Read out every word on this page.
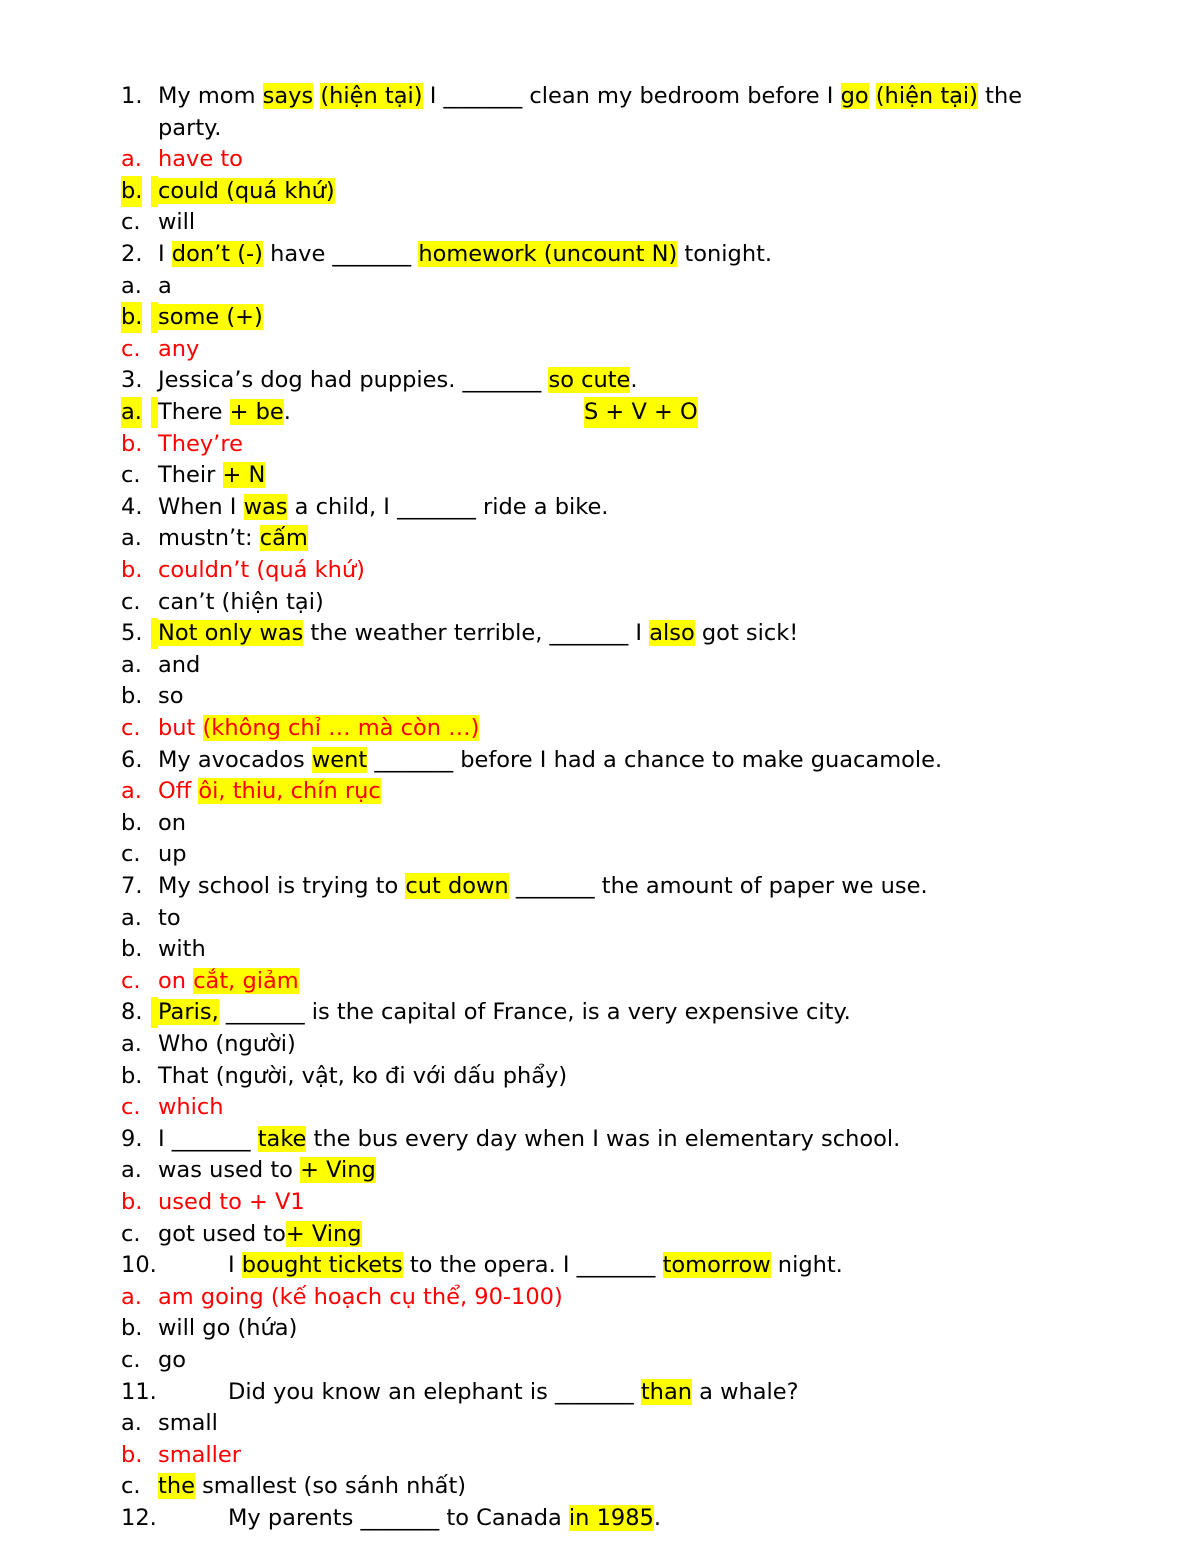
1. My mom says (hiện tại) I _______ clean my bedroom before I go (hiện tại) the
party.
a. have to
b. could (quá khứ)
c. will
2. I don’t (-) have _______ homework (uncount N) tonight.
a. a
b. some (+)
c. any
3. Jessica’s dog had puppies. _______ so cute.
a. There + be.	S + V + O
b. They’re
c. Their + N
4. When I was a child, I _______ ride a bike.
a. mustn’t: cấm
b. couldn’t (quá khứ)
c. can’t (hiện tại)
5. Not only was the weather terrible, _______ I also got sick!
a. and
b. so
c. but (không chỉ … mà còn …)
6. My avocados went _______ before I had a chance to make guacamole.
a. Off ôi, thiu, chín rục
b. on
c. up
7. My school is trying to cut down _______ the amount of paper we use.
a. to
b. with
c. on cắt, giảm
8. Paris, _______ is the capital of France, is a very expensive city.
a. Who (người)
b. That (người, vật, ko đi với dấu phẩy)
c. which
9. I _______ take the bus every day when I was in elementary school.
a. was used to + Ving
b. used to + V1
c. got used to+ Ving
10.	I bought tickets to the opera. I _______ tomorrow night.
a. am going (kế hoạch cụ thể, 90-100)
b. will go (hứa)
c. go
11.	Did you know an elephant is _______ than a whale?
a. small
b. smaller
c. the smallest (so sánh nhất)
12.	My parents _______ to Canada in 1985.
